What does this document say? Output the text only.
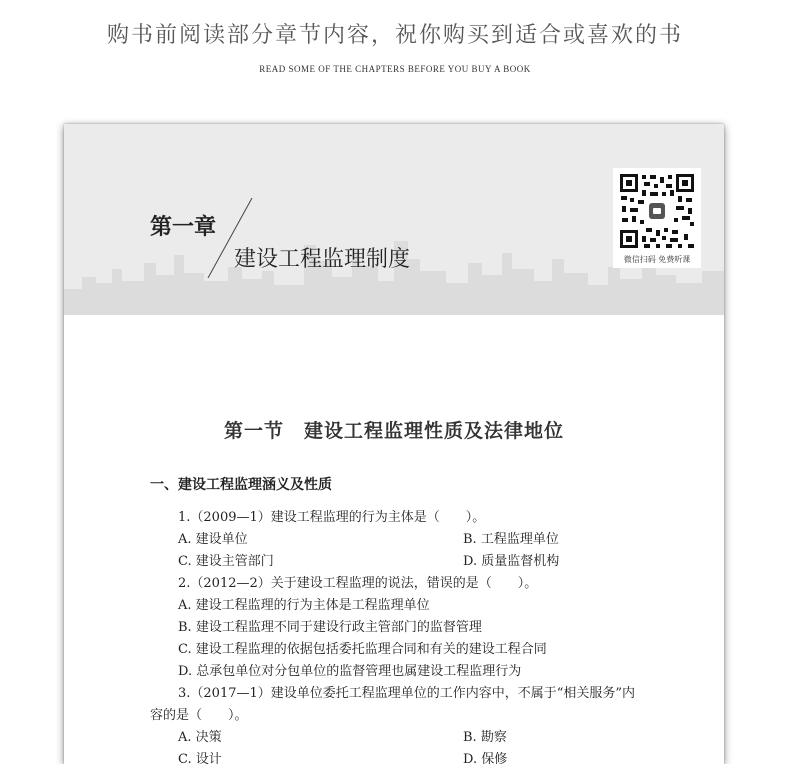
购书前阅读部分章节内容，祝你购买到适合或喜欢的书
READ SOME OF THE CHAPTERS BEFORE YOU BUY A BOOK
第一章
建设工程监理制度	微信扫码 免费听课
第一节　建设工程监理性质及法律地位
一、建设工程监理涵义及性质
1.（2009—1）建设工程监理的行为主体是（　　）。
A. 建设单位	B. 工程监理单位
C. 建设主管部门	D. 质量监督机构
2.（2012—2）关于建设工程监理的说法，错误的是（　　）。
A. 建设工程监理的行为主体是工程监理单位
B. 建设工程监理不同于建设行政主管部门的监督管理
C. 建设工程监理的依据包括委托监理合同和有关的建设工程合同
D. 总承包单位对分包单位的监督管理也属建设工程监理行为
3.（2017—1）建设单位委托工程监理单位的工作内容中，不属于“相关服务”内
容的是（　　）。
A. 决策	B. 勘察
C. 设计	D. 保修
